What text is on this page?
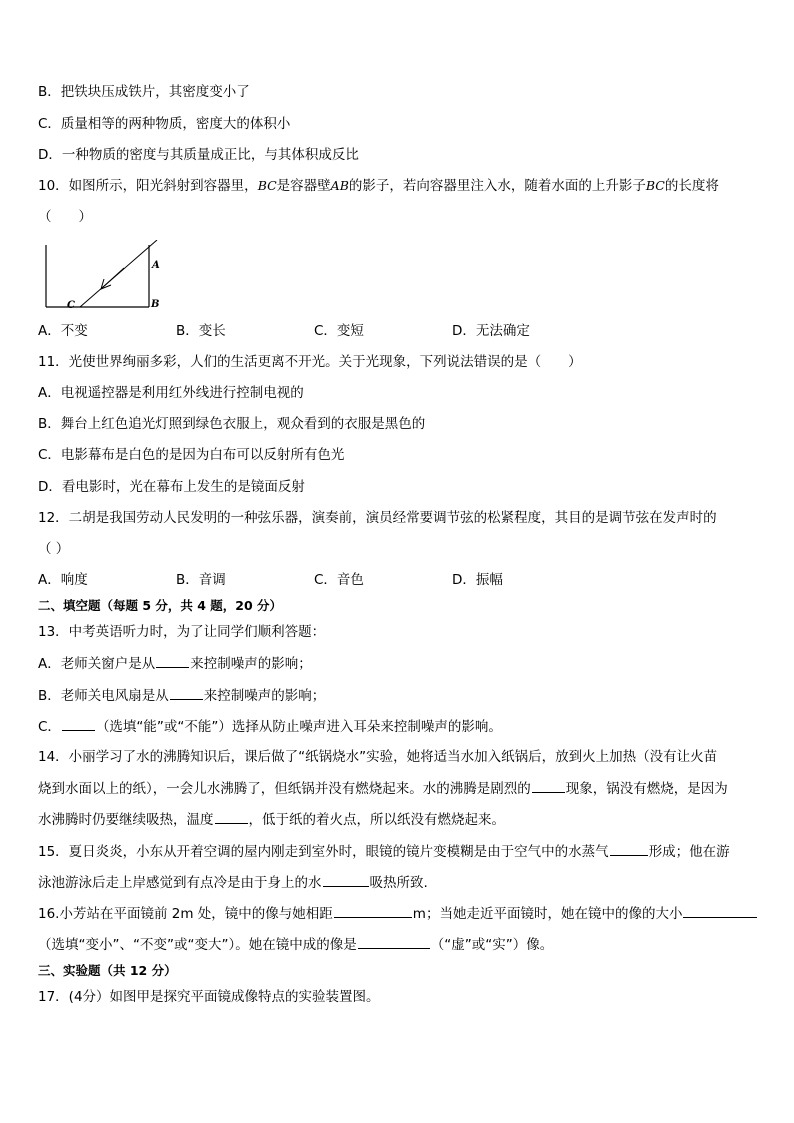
B．把铁块压成铁片，其密度变小了
C．质量相等的两种物质，密度大的体积小
D．一种物质的密度与其质量成正比，与其体积成反比
10．如图所示，阳光斜射到容器里，BC是容器壁AB的影子，若向容器里注入水，随着水面的上升影子BC的长度将
（　　）
A
B
C
A．不变	B．变长	C．变短	D．无法确定
11．光使世界绚丽多彩，人们的生活更离不开光。关于光现象，下列说法错误的是（　　）
A．电视遥控器是利用红外线进行控制电视的
B．舞台上红色追光灯照到绿色衣服上，观众看到的衣服是黑色的
C．电影幕布是白色的是因为白布可以反射所有色光
D．看电影时，光在幕布上发生的是镜面反射
12．二胡是我国劳动人民发明的一种弦乐器，演奏前，演员经常要调节弦的松紧程度，其目的是调节弦在发声时的
（ ）
A．响度	B．音调	C．音色	D．振幅
二、填空题（每题 5 分，共 4 题，20 分）
13．中考英语听力时，为了让同学们顺利答题：
A．老师关窗户是从	来控制噪声的影响；
B．老师关电风扇是从	来控制噪声的影响；
C．	（选填“能”或“不能”）选择从防止噪声进入耳朵来控制噪声的影响。
14．小丽学习了水的沸腾知识后，课后做了“纸锅烧水”实验，她将适当水加入纸锅后，放到火上加热（没有让火苗
烧到水面以上的纸），一会儿水沸腾了，但纸锅并没有燃烧起来。水的沸腾是剧烈的	现象，锅没有燃烧，是因为
水沸腾时仍要继续吸热，温度	，低于纸的着火点，所以纸没有燃烧起来。
15．夏日炎炎，小东从开着空调的屋内刚走到室外时，眼镜的镜片变模糊是由于空气中的水蒸气	形成；他在游
泳池游泳后走上岸感觉到有点冷是由于身上的水	吸热所致.
16.小芳站在平面镜前 2m 处，镜中的像与她相距	m；当她走近平面镜时，她在镜中的像的大小
（选填“变小”、“不变”或“变大”）。她在镜中成的像是	（“虚”或“实”）像。
三、实验题（共 12 分）
17．(4分）如图甲是探究平面镜成像特点的实验装置图。
